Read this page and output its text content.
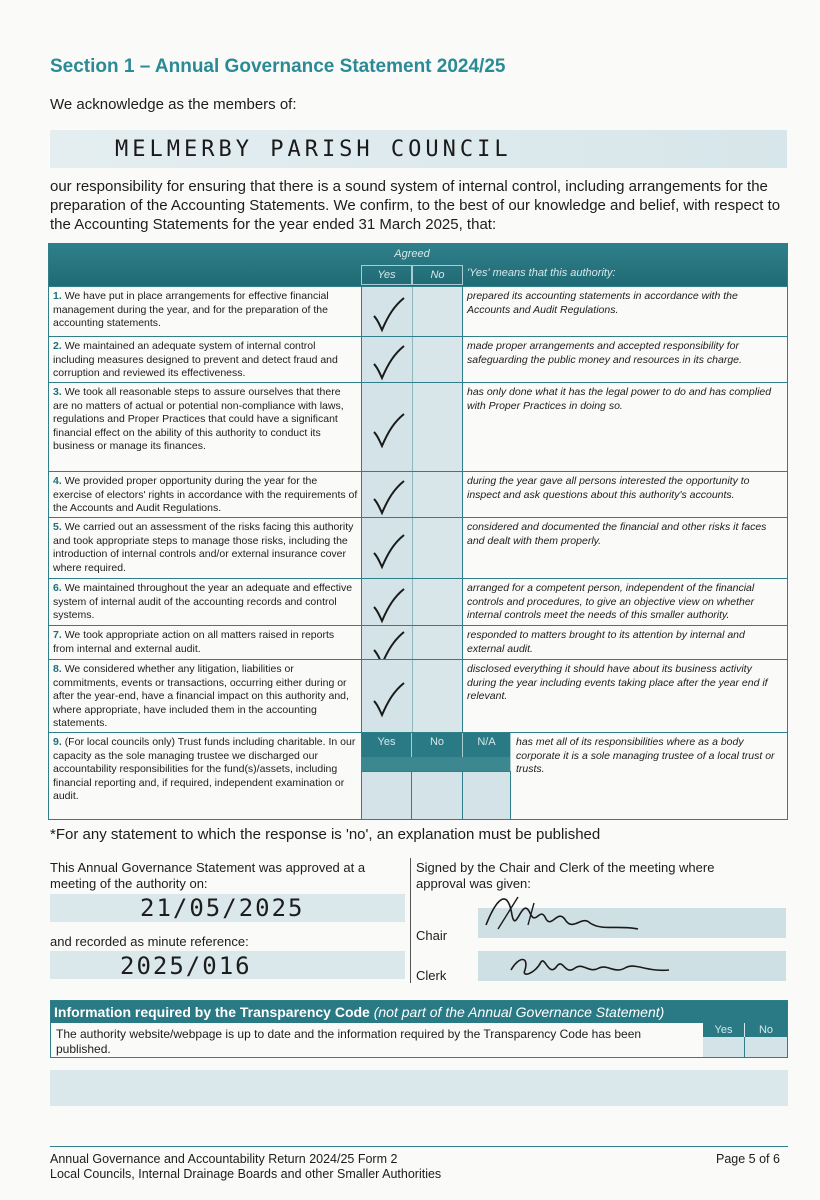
Section 1 – Annual Governance Statement 2024/25
We acknowledge as the members of:
MELMERBY PARISH COUNCIL
our responsibility for ensuring that there is a sound system of internal control, including arrangements for the preparation of the Accounting Statements. We confirm, to the best of our knowledge and belief, with respect to the Accounting Statements for the year ended 31 March 2025, that:
Agreed
Yes	No	'Yes' means that this authority:
1. We have put in place arrangements for effective financial management during the year, and for the preparation of the accounting statements.
prepared its accounting statements in accordance with the Accounts and Audit Regulations.
2. We maintained an adequate system of internal control including measures designed to prevent and detect fraud and corruption and reviewed its effectiveness.
made proper arrangements and accepted responsibility for safeguarding the public money and resources in its charge.
3. We took all reasonable steps to assure ourselves that there are no matters of actual or potential non-compliance with laws, regulations and Proper Practices that could have a significant financial effect on the ability of this authority to conduct its business or manage its finances.
has only done what it has the legal power to do and has complied with Proper Practices in doing so.
4. We provided proper opportunity during the year for the exercise of electors' rights in accordance with the requirements of the Accounts and Audit Regulations.
during the year gave all persons interested the opportunity to inspect and ask questions about this authority's accounts.
5. We carried out an assessment of the risks facing this authority and took appropriate steps to manage those risks, including the introduction of internal controls and/or external insurance cover where required.
considered and documented the financial and other risks it faces and dealt with them properly.
6. We maintained throughout the year an adequate and effective system of internal audit of the accounting records and control systems.
arranged for a competent person, independent of the financial controls and procedures, to give an objective view on whether internal controls meet the needs of this smaller authority.
7. We took appropriate action on all matters raised in reports from internal and external audit.
responded to matters brought to its attention by internal and external audit.
8. We considered whether any litigation, liabilities or commitments, events or transactions, occurring either during or after the year-end, have a financial impact on this authority and, where appropriate, have included them in the accounting statements.
disclosed everything it should have about its business activity during the year including events taking place after the year end if relevant.
9. (For local councils only) Trust funds including charitable. In our capacity as the sole managing trustee we discharged our accountability responsibilities for the fund(s)/assets, including financial reporting and, if required, independent examination or audit.
Yes	No	N/A	has met all of its responsibilities where as a body corporate it is a sole managing trustee of a local trust or trusts.
*For any statement to which the response is 'no', an explanation must be published
This Annual Governance Statement was approved at a meeting of the authority on:
21/05/2025
and recorded as minute reference:
2025/016
Signed by the Chair and Clerk of the meeting where approval was given:
Chair
Clerk
Information required by the Transparency Code (not part of the Annual Governance Statement)
The authority website/webpage is up to date and the information required by the Transparency Code has been published.
Yes	No
Annual Governance and Accountability Return 2024/25 Form 2
Local Councils, Internal Drainage Boards and other Smaller Authorities
Page 5 of 6
